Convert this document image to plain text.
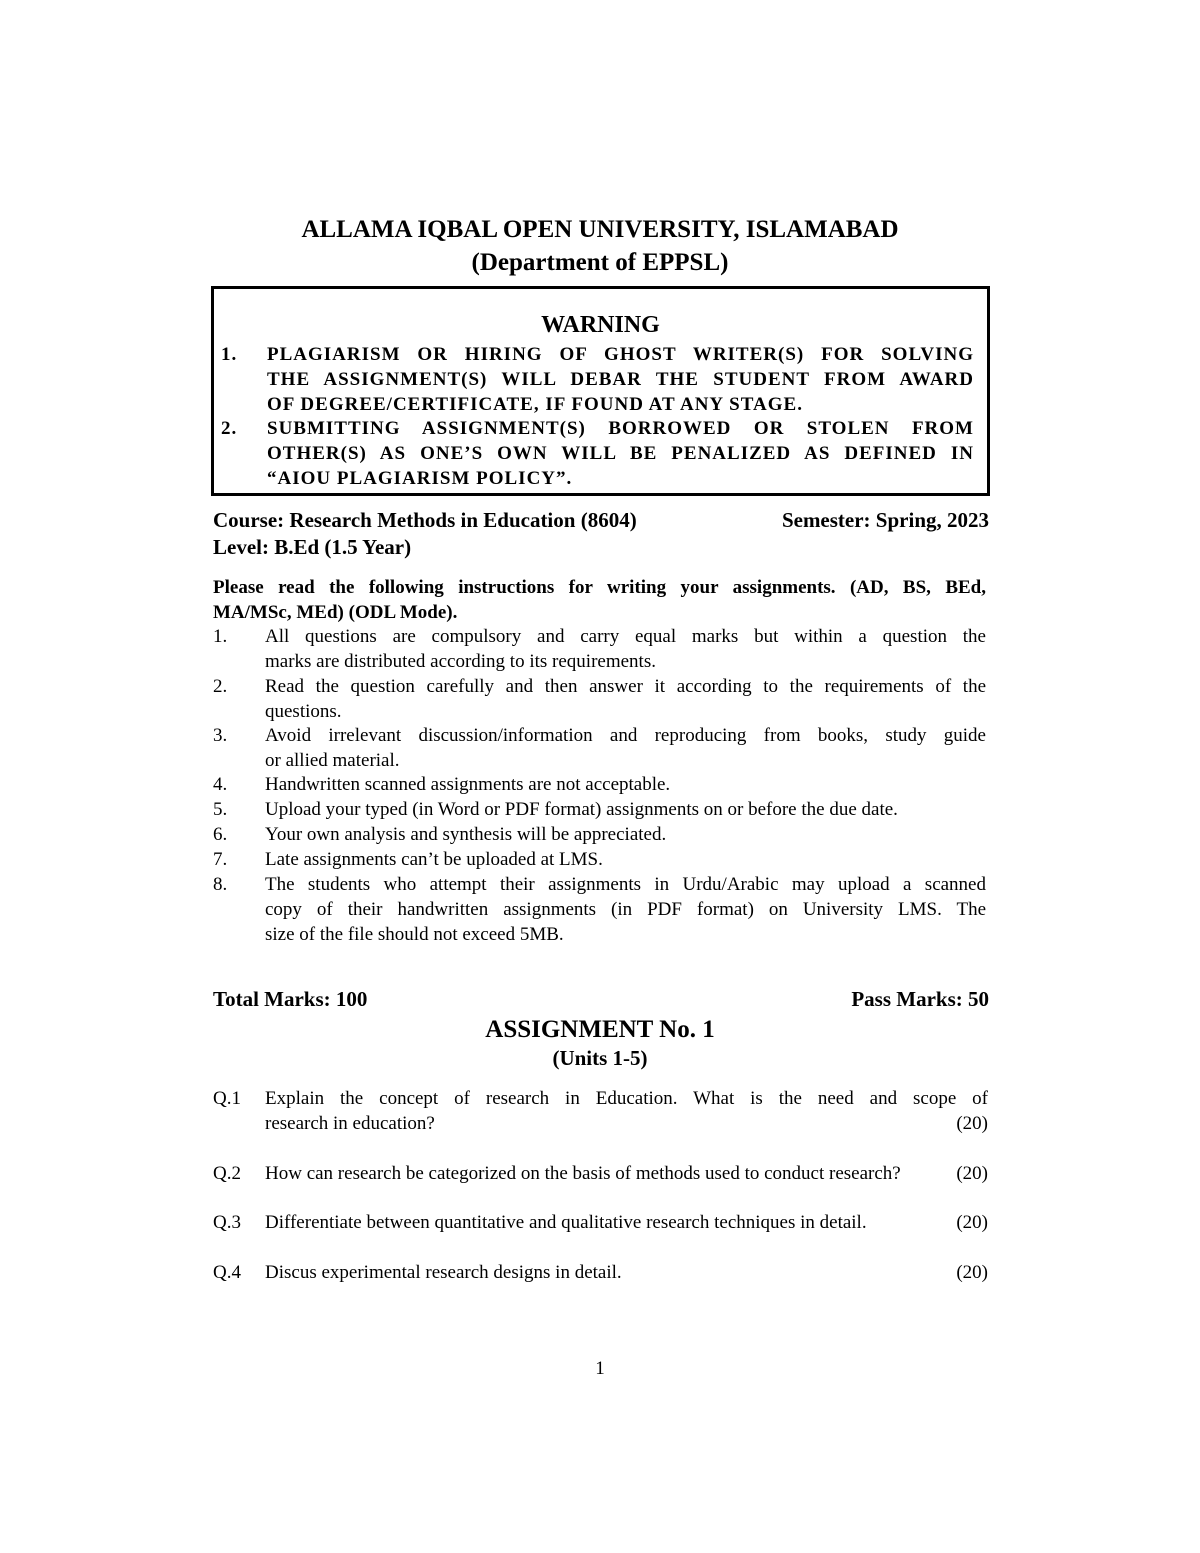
ALLAMA IQBAL OPEN UNIVERSITY, ISLAMABAD
(Department of EPPSL)
WARNING
1. PLAGIARISM OR HIRING OF GHOST WRITER(S) FOR SOLVING
THE ASSIGNMENT(S) WILL DEBAR THE STUDENT FROM AWARD
OF DEGREE/CERTIFICATE, IF FOUND AT ANY STAGE.
2. SUBMITTING ASSIGNMENT(S) BORROWED OR STOLEN FROM
OTHER(S) AS ONE’S OWN WILL BE PENALIZED AS DEFINED IN
“AIOU PLAGIARISM POLICY”.
Course: Research Methods in Education (8604)	Semester: Spring, 2023
Level: B.Ed (1.5 Year)
Please read the following instructions for writing your assignments. (AD, BS, BEd,
MA/MSc, MEd) (ODL Mode).
1. All questions are compulsory and carry equal marks but within a question the
marks are distributed according to its requirements.
2. Read the question carefully and then answer it according to the requirements of the
questions.
3. Avoid irrelevant discussion/information and reproducing from books, study guide
or allied material.
4. Handwritten scanned assignments are not acceptable.
5. Upload your typed (in Word or PDF format) assignments on or before the due date.
6. Your own analysis and synthesis will be appreciated.
7. Late assignments can’t be uploaded at LMS.
8. The students who attempt their assignments in Urdu/Arabic may upload a scanned
copy of their handwritten assignments (in PDF format) on University LMS. The
size of the file should not exceed 5MB.
Total Marks: 100	Pass Marks: 50
ASSIGNMENT No. 1
(Units 1-5)
Q.1 Explain the concept of research in Education. What is the need and scope of
research in education?	(20)
Q.2 How can research be categorized on the basis of methods used to conduct research?	(20)
Q.3 Differentiate between quantitative and qualitative research techniques in detail.	(20)
Q.4 Discus experimental research designs in detail.	(20)
1
